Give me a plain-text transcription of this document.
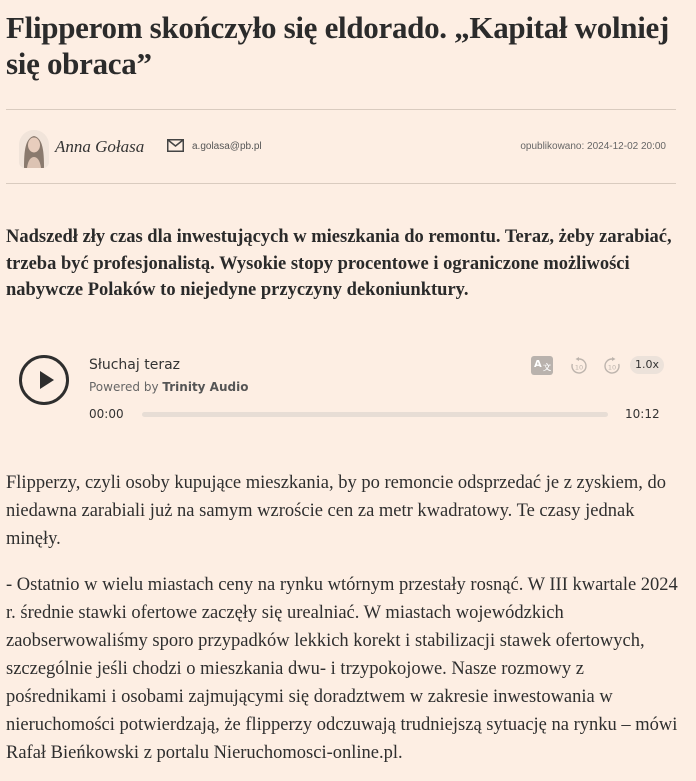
Flipperom skończyło się eldorado. „Kapitał wolniej się obraca”
Anna Gołasa	a.golasa@pb.pl	opublikowano: 2024-12-02 20:00

Nadszedł zły czas dla inwestujących w mieszkania do remontu. Teraz, żeby zarabiać, trzeba być profesjonalistą. Wysokie stopy procentowe i ograniczone możliwości nabywcze Polaków to niejedyne przyczyny dekoniunktury.

Słuchaj teraz
Powered by Trinity Audio
A 文	10	10	1.0x
00:00	10:12

Flipperzy, czyli osoby kupujące mieszkania, by po remoncie odsprzedać je z zyskiem, do niedawna zarabiali już na samym wzroście cen za metr kwadratowy. Te czasy jednak minęły.

- Ostatnio w wielu miastach ceny na rynku wtórnym przestały rosnąć. W III kwartale 2024 r. średnie stawki ofertowe zaczęły się urealniać. W miastach wojewódzkich zaobserwowaliśmy sporo przypadków lekkich korekt i stabilizacji stawek ofertowych, szczególnie jeśli chodzi o mieszkania dwu- i trzypokojowe. Nasze rozmowy z pośrednikami i osobami zajmującymi się doradztwem w zakresie inwestowania w nieruchomości potwierdzają, że flipperzy odczuwają trudniejszą sytuację na rynku – mówi Rafał Bieńkowski z portalu Nieruchomosci-online.pl.
